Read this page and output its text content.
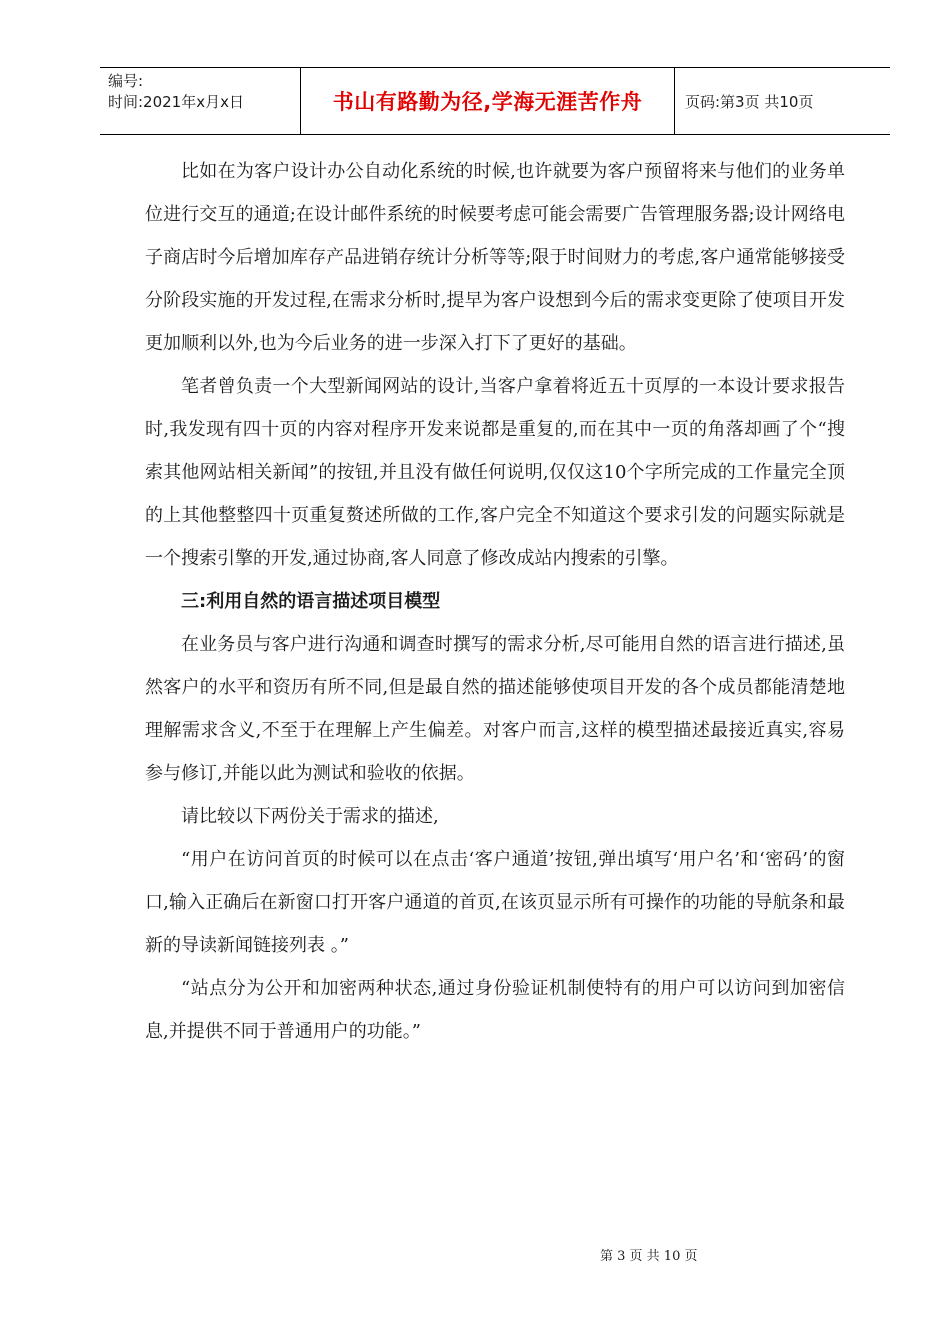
编号:
时间:2021年x月x日	书山有路勤为径,学海无涯苦作舟	页码:第3页 共10页

比如在为客户设计办公自动化系统的时候,也许就要为客户预留将来与他们的业务单位进行交互的通道;在设计邮件系统的时候要考虑可能会需要广告管理服务器;设计网络电子商店时今后增加库存产品进销存统计分析等等;限于时间财力的考虑,客户通常能够接受分阶段实施的开发过程,在需求分析时,提早为客户设想到今后的需求变更除了使项目开发更加顺利以外,也为今后业务的进一步深入打下了更好的基础。

笔者曾负责一个大型新闻网站的设计,当客户拿着将近五十页厚的一本设计要求报告时,我发现有四十页的内容对程序开发来说都是重复的,而在其中一页的角落却画了个“搜索其他网站相关新闻”的按钮,并且没有做任何说明,仅仅这10个字所完成的工作量完全顶的上其他整整四十页重复赘述所做的工作,客户完全不知道这个要求引发的问题实际就是一个搜索引擎的开发,通过协商,客人同意了修改成站内搜索的引擎。

三:利用自然的语言描述项目模型

在业务员与客户进行沟通和调查时撰写的需求分析,尽可能用自然的语言进行描述,虽然客户的水平和资历有所不同,但是最自然的描述能够使项目开发的各个成员都能清楚地理解需求含义,不至于在理解上产生偏差。对客户而言,这样的模型描述最接近真实,容易参与修订,并能以此为测试和验收的依据。

请比较以下两份关于需求的描述,

“用户在访问首页的时候可以在点击‘客户通道’按钮,弹出填写‘用户名’和‘密码’的窗口,输入正确后在新窗口打开客户通道的首页,在该页显示所有可操作的功能的导航条和最新的导读新闻链接列表 。”

“站点分为公开和加密两种状态,通过身份验证机制使特有的用户可以访问到加密信息,并提供不同于普通用户的功能。”

第 3 页 共 10 页
